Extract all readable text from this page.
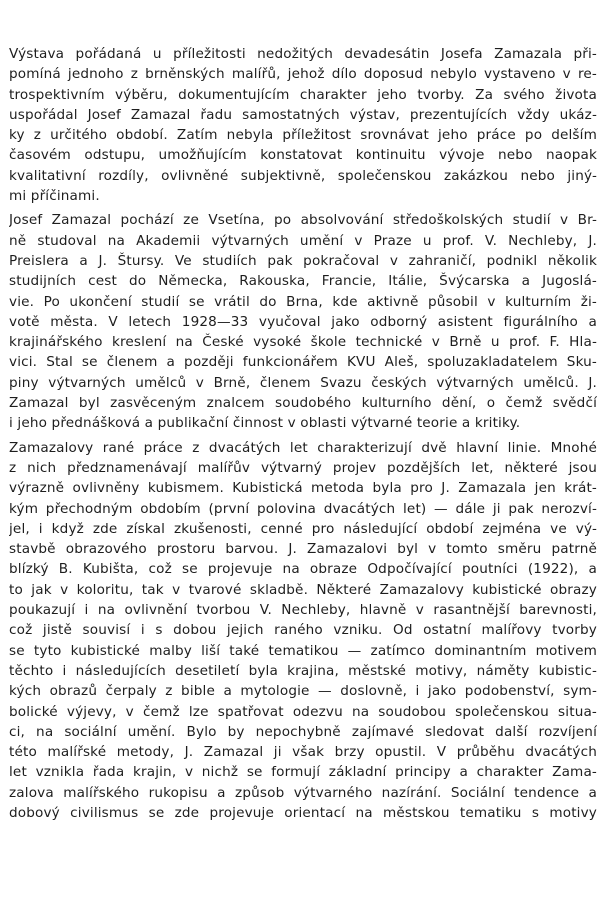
Výstava pořádaná u příležitosti nedožitých devadesátin Josefa Zamazala při-
pomíná jednoho z brněnských malířů, jehož dílo doposud nebylo vystaveno v re-
trospektivním výběru, dokumentujícím charakter jeho tvorby. Za svého života
uspořádal Josef Zamazal řadu samostatných výstav, prezentujících vždy ukáz-
ky z určitého období. Zatím nebyla příležitost srovnávat jeho práce po delším
časovém odstupu, umožňujícím konstatovat kontinuitu vývoje nebo naopak
kvalitativní rozdíly, ovlivněné subjektivně, společenskou zakázkou nebo jiný-
mi příčinami.
Josef Zamazal pochází ze Vsetína, po absolvování středoškolských studií v Br-
ně studoval na Akademii výtvarných umění v Praze u prof. V. Nechleby, J.
Preislera a J. Štursy. Ve studiích pak pokračoval v zahraničí, podnikl několik
studijních cest do Německa, Rakouska, Francie, Itálie, Švýcarska a Jugoslá-
vie. Po ukončení studií se vrátil do Brna, kde aktivně působil v kulturním ži-
votě města. V letech 1928—33 vyučoval jako odborný asistent figurálního a
krajinářského kreslení na České vysoké škole technické v Brně u prof. F. Hla-
vici. Stal se členem a později funkcionářem KVU Aleš, spoluzakladatelem Sku-
piny výtvarných umělců v Brně, členem Svazu českých výtvarných umělců. J.
Zamazal byl zasvěceným znalcem soudobého kulturního dění, o čemž svědčí
i jeho přednášková a publikační činnost v oblasti výtvarné teorie a kritiky.
Zamazalovy rané práce z dvacátých let charakterizují dvě hlavní linie. Mnohé
z nich předznamenávají malířův výtvarný projev pozdějších let, některé jsou
výrazně ovlivněny kubismem. Kubistická metoda byla pro J. Zamazala jen krát-
kým přechodným obdobím (první polovina dvacátých let) — dále ji pak nerozví-
jel, i když zde získal zkušenosti, cenné pro následující období zejména ve vý-
stavbě obrazového prostoru barvou. J. Zamazalovi byl v tomto směru patrně
blízký B. Kubišta, což se projevuje na obraze Odpočívající poutníci (1922), a
to jak v koloritu, tak v tvarové skladbě. Některé Zamazalovy kubistické obrazy
poukazují i na ovlivnění tvorbou V. Nechleby, hlavně v rasantnější barevnosti,
což jistě souvisí i s dobou jejich raného vzniku. Od ostatní malířovy tvorby
se tyto kubistické malby liší také tematikou — zatímco dominantním motivem
těchto i následujících desetiletí byla krajina, městské motivy, náměty kubistic-
kých obrazů čerpaly z bible a mytologie — doslovně, i jako podobenství, sym-
bolické výjevy, v čemž lze spatřovat odezvu na soudobou společenskou situa-
ci, na sociální umění. Bylo by nepochybně zajímavé sledovat další rozvíjení
této malířské metody, J. Zamazal ji však brzy opustil. V průběhu dvacátých
let vznikla řada krajin, v nichž se formují základní principy a charakter Zama-
zalova malířského rukopisu a způsob výtvarného nazírání. Sociální tendence a
dobový civilismus se zde projevuje orientací na městskou tematiku s motivy
